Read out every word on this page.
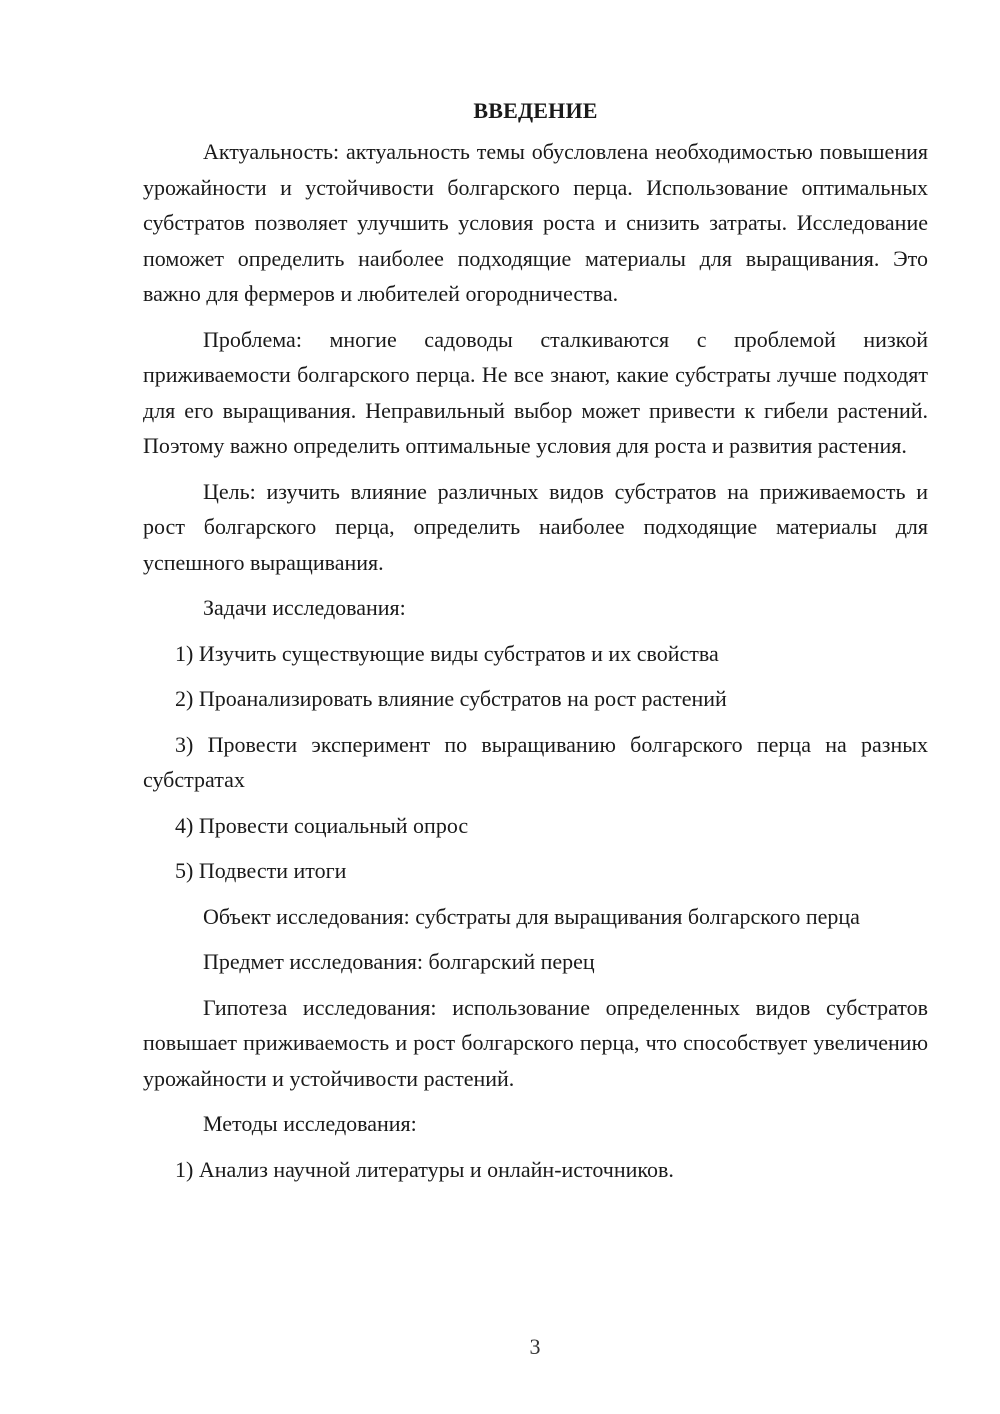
ВВЕДЕНИЕ

Актуальность: актуальность темы обусловлена необходимостью повышения урожайности и устойчивости болгарского перца. Использование оптимальных субстратов позволяет улучшить условия роста и снизить затраты. Исследование поможет определить наиболее подходящие материалы для выращивания. Это важно для фермеров и любителей огородничества.

Проблема: многие садоводы сталкиваются с проблемой низкой приживаемости болгарского перца. Не все знают, какие субстраты лучше подходят для его выращивания. Неправильный выбор может привести к гибели растений. Поэтому важно определить оптимальные условия для роста и развития растения.

Цель: изучить влияние различных видов субстратов на приживаемость и рост болгарского перца, определить наиболее подходящие материалы для успешного выращивания.

Задачи исследования:

1) Изучить существующие виды субстратов и их свойства

2) Проанализировать влияние субстратов на рост растений

3) Провести эксперимент по выращиванию болгарского перца на разных субстратах

4) Провести социальный опрос

5) Подвести итоги

Объект исследования: субстраты для выращивания болгарского перца

Предмет исследования: болгарский перец

Гипотеза исследования: использование определенных видов субстратов повышает приживаемость и рост болгарского перца, что способствует увеличению урожайности и устойчивости растений.

Методы исследования:

1) Анализ научной литературы и онлайн-источников.

3
